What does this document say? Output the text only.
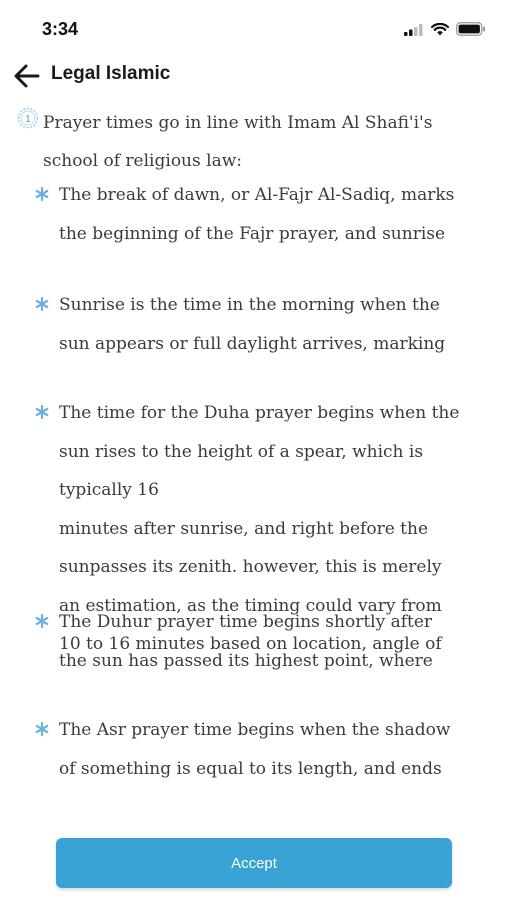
3:34
Legal Islamic
1 Prayer times go in line with Imam Al Shafi'i's school of religious law:

The break of dawn, or Al-Fajr Al-Sadiq, marks
the beginning of the Fajr prayer, and sunrise
Sunrise is the time in the morning when the
sun appears or full daylight arrives, marking
The time for the Duha prayer begins when the
sun rises to the height of a spear, which is
typically 16
minutes after sunrise, and right before the
sunpasses its zenith. however, this is merely
an estimation, as the timing could vary from
10 to 16 minutes based on location, angle of
The Duhur prayer time begins shortly after
the sun has passed its highest point, where
The Asr prayer time begins when the shadow
of something is equal to its length, and ends
Accept
